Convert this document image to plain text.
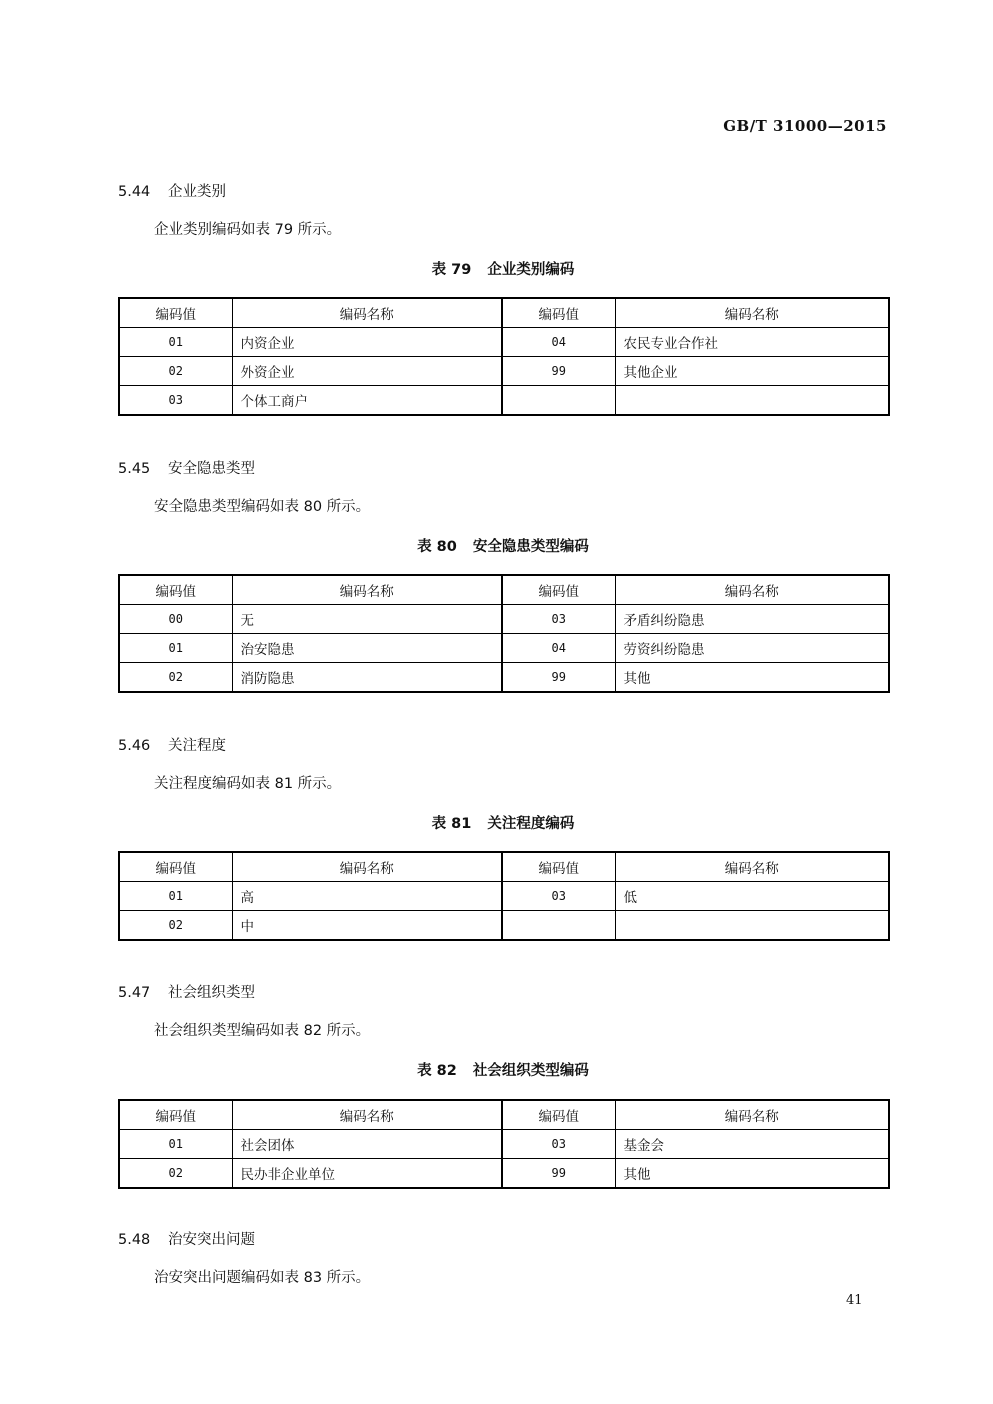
GB/T 31000—2015
5.44 企业类别
企业类别编码如表 79 所示。
表 79 企业类别编码
编码值	编码名称	编码值	编码名称
01	内资企业	04	农民专业合作社
02	外资企业	99	其他企业
03	个体工商户		
5.45 安全隐患类型
安全隐患类型编码如表 80 所示。
表 80 安全隐患类型编码
编码值	编码名称	编码值	编码名称
00	无	03	矛盾纠纷隐患
01	治安隐患	04	劳资纠纷隐患
02	消防隐患	99	其他
5.46 关注程度
关注程度编码如表 81 所示。
表 81 关注程度编码
编码值	编码名称	编码值	编码名称
01	高	03	低
02	中		
5.47 社会组织类型
社会组织类型编码如表 82 所示。
表 82 社会组织类型编码
编码值	编码名称	编码值	编码名称
01	社会团体	03	基金会
02	民办非企业单位	99	其他
5.48 治安突出问题
治安突出问题编码如表 83 所示。
41
